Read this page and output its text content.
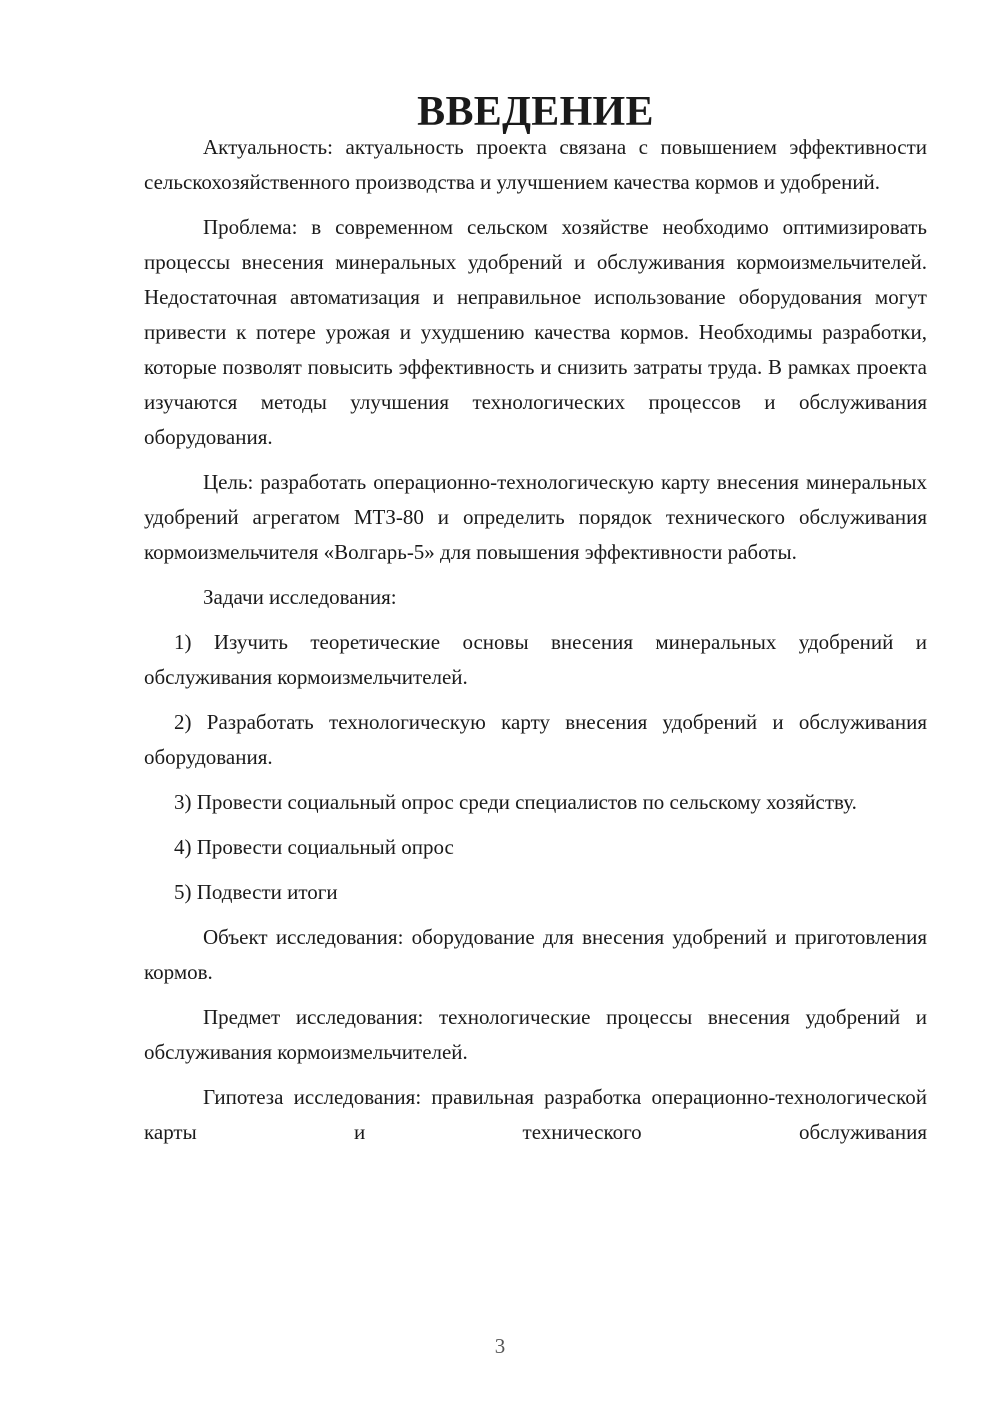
ВВЕДЕНИЕ

Актуальность: актуальность проекта связана с повышением эффективности сельскохозяйственного производства и улучшением качества кормов и удобрений.

Проблема: в современном сельском хозяйстве необходимо оптимизировать процессы внесения минеральных удобрений и обслуживания кормоизмельчителей. Недостаточная автоматизация и неправильное использование оборудования могут привести к потере урожая и ухудшению качества кормов. Необходимы разработки, которые позволят повысить эффективность и снизить затраты труда. В рамках проекта изучаются методы улучшения технологических процессов и обслуживания оборудования.

Цель: разработать операционно-технологическую карту внесения минеральных удобрений агрегатом МТЗ-80 и определить порядок технического обслуживания кормоизмельчителя «Волгарь-5» для повышения эффективности работы.

Задачи исследования:

1) Изучить теоретические основы внесения минеральных удобрений и обслуживания кормоизмельчителей.

2) Разработать технологическую карту внесения удобрений и обслуживания оборудования.

3) Провести социальный опрос среди специалистов по сельскому хозяйству.

4) Провести социальный опрос

5) Подвести итоги

Объект исследования: оборудование для внесения удобрений и приготовления кормов.

Предмет исследования: технологические процессы внесения удобрений и обслуживания кормоизмельчителей.

Гипотеза исследования: правильная разработка операционно-технологической карты и технического обслуживания

3
